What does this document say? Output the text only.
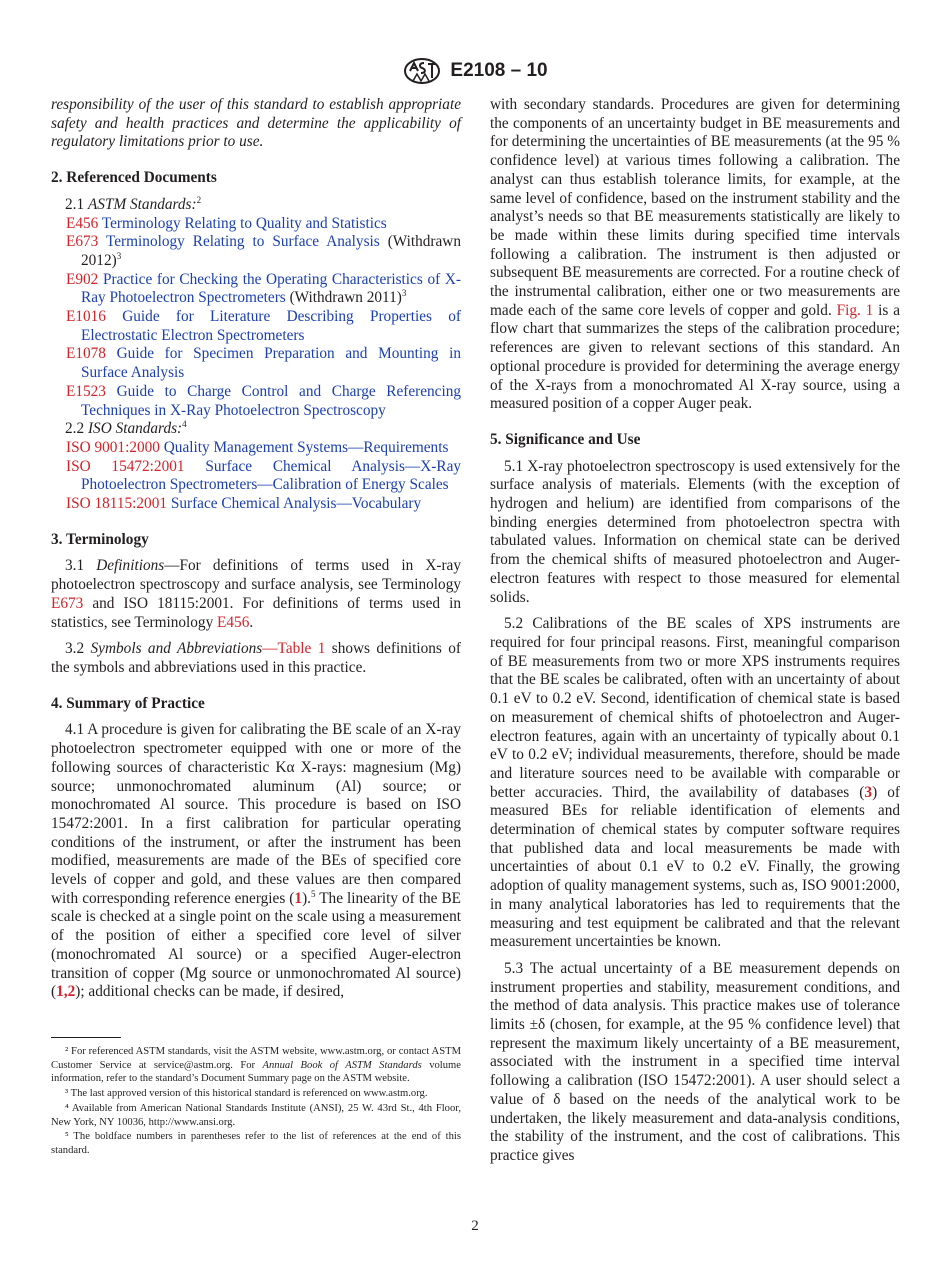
E2108 – 10

responsibility of the user of this standard to establish appropriate safety and health practices and determine the applicability of regulatory limitations prior to use.

2. Referenced Documents

2.1 ASTM Standards:$^2$

E456 Terminology Relating to Quality and Statistics

E673 Terminology Relating to Surface Analysis (Withdrawn 2012)$^3$

E902 Practice for Checking the Operating Characteristics of X-Ray Photoelectron Spectrometers (Withdrawn 2011)$^3$

E1016 Guide for Literature Describing Properties of Electrostatic Electron Spectrometers

E1078 Guide for Specimen Preparation and Mounting in Surface Analysis

E1523 Guide to Charge Control and Charge Referencing Techniques in X-Ray Photoelectron Spectroscopy

2.2 ISO Standards:$^4$

ISO 9001:2000 Quality Management Systems—Requirements

ISO 15472:2001 Surface Chemical Analysis—X-Ray Photoelectron Spectrometers—Calibration of Energy Scales

ISO 18115:2001 Surface Chemical Analysis—Vocabulary

3. Terminology

3.1 Definitions—For definitions of terms used in X-ray photoelectron spectroscopy and surface analysis, see Terminology E673 and ISO 18115:2001. For definitions of terms used in statistics, see Terminology E456.

3.2 Symbols and Abbreviations—Table 1 shows definitions of the symbols and abbreviations used in this practice.

4. Summary of Practice

4.1 A procedure is given for calibrating the BE scale of an X-ray photoelectron spectrometer equipped with one or more of the following sources of characteristic Kα X-rays: magnesium (Mg) source; unmonochromated aluminum (Al) source; or monochromated Al source. This procedure is based on ISO 15472:2001. In a first calibration for particular operating conditions of the instrument, or after the instrument has been modified, measurements are made of the BEs of specified core levels of copper and gold, and these values are then compared with corresponding reference energies (1).$^5$ The linearity of the BE scale is checked at a single point on the scale using a measurement of the position of either a specified core level of silver (monochromated Al source) or a specified Auger-electron transition of copper (Mg source or unmonochromated Al source) (1,2); additional checks can be made, if desired,

² For referenced ASTM standards, visit the ASTM website, www.astm.org, or contact ASTM Customer Service at service@astm.org. For Annual Book of ASTM Standards volume information, refer to the standard’s Document Summary page on the ASTM website.

³ The last approved version of this historical standard is referenced on www.astm.org.

⁴ Available from American National Standards Institute (ANSI), 25 W. 43rd St., 4th Floor, New York, NY 10036, http://www.ansi.org.

⁵ The boldface numbers in parentheses refer to the list of references at the end of this standard.

with secondary standards. Procedures are given for determining the components of an uncertainty budget in BE measurements and for determining the uncertainties of BE measurements (at the 95 % confidence level) at various times following a calibration. The analyst can thus establish tolerance limits, for example, at the same level of confidence, based on the instrument stability and the analyst’s needs so that BE measurements statistically are likely to be made within these limits during specified time intervals following a calibration. The instrument is then adjusted or subsequent BE measurements are corrected. For a routine check of the instrumental calibration, either one or two measurements are made each of the same core levels of copper and gold. Fig. 1 is a flow chart that summarizes the steps of the calibration procedure; references are given to relevant sections of this standard. An optional procedure is provided for determining the average energy of the X-rays from a monochromated Al X-ray source, using a measured position of a copper Auger peak.

5. Significance and Use

5.1 X-ray photoelectron spectroscopy is used extensively for the surface analysis of materials. Elements (with the exception of hydrogen and helium) are identified from comparisons of the binding energies determined from photoelectron spectra with tabulated values. Information on chemical state can be derived from the chemical shifts of measured photoelectron and Auger-electron features with respect to those measured for elemental solids.

5.2 Calibrations of the BE scales of XPS instruments are required for four principal reasons. First, meaningful comparison of BE measurements from two or more XPS instruments requires that the BE scales be calibrated, often with an uncertainty of about 0.1 eV to 0.2 eV. Second, identification of chemical state is based on measurement of chemical shifts of photoelectron and Auger-electron features, again with an uncertainty of typically about 0.1 eV to 0.2 eV; individual measurements, therefore, should be made and literature sources need to be available with comparable or better accuracies. Third, the availability of databases (3) of measured BEs for reliable identification of elements and determination of chemical states by computer software requires that published data and local measurements be made with uncertainties of about 0.1 eV to 0.2 eV. Finally, the growing adoption of quality management systems, such as, ISO 9001:2000, in many analytical laboratories has led to requirements that the measuring and test equipment be calibrated and that the relevant measurement uncertainties be known.

5.3 The actual uncertainty of a BE measurement depends on instrument properties and stability, measurement conditions, and the method of data analysis. This practice makes use of tolerance limits ±δ (chosen, for example, at the 95 % confidence level) that represent the maximum likely uncertainty of a BE measurement, associated with the instrument in a specified time interval following a calibration (ISO 15472:2001). A user should select a value of δ based on the needs of the analytical work to be undertaken, the likely measurement and data-analysis conditions, the stability of the instrument, and the cost of calibrations. This practice gives

2
